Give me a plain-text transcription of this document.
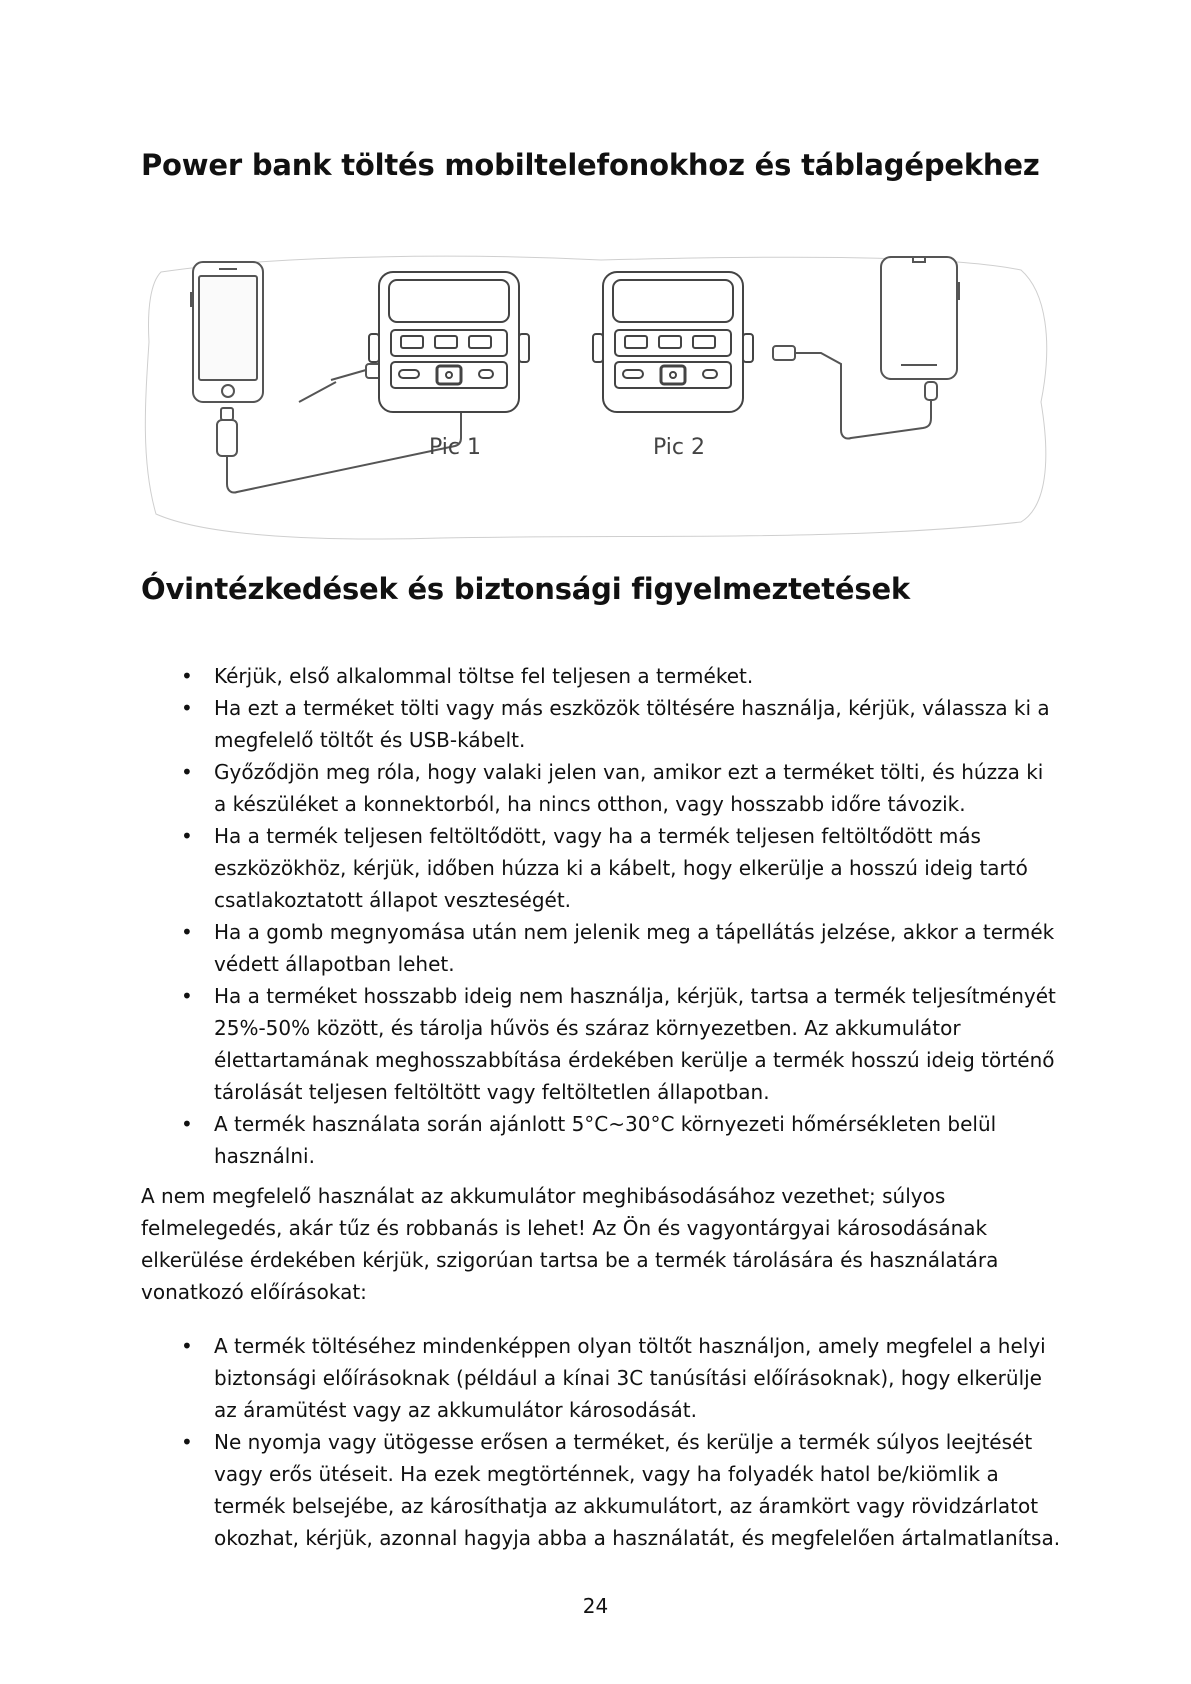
Power bank töltés mobiltelefonokhoz és táblagépekhez
Pic 1	Pic 2
Óvintézkedések és biztonsági figyelmeztetések
• Kérjük, első alkalommal töltse fel teljesen a terméket.
• Ha ezt a terméket tölti vagy más eszközök töltésére használja, kérjük, válassza ki a megfelelő töltőt és USB-kábelt.
• Győződjön meg róla, hogy valaki jelen van, amikor ezt a terméket tölti, és húzza ki a készüléket a konnektorból, ha nincs otthon, vagy hosszabb időre távozik.
• Ha a termék teljesen feltöltődött, vagy ha a termék teljesen feltöltődött más eszközökhöz, kérjük, időben húzza ki a kábelt, hogy elkerülje a hosszú ideig tartó csatlakoztatott állapot veszteségét.
• Ha a gomb megnyomása után nem jelenik meg a tápellátás jelzése, akkor a termék védett állapotban lehet.
• Ha a terméket hosszabb ideig nem használja, kérjük, tartsa a termék teljesítményét 25%-50% között, és tárolja hűvös és száraz környezetben. Az akkumulátor élettartamának meghosszabbítása érdekében kerülje a termék hosszú ideig történő tárolását teljesen feltöltött vagy feltöltetlen állapotban.
• A termék használata során ajánlott 5°C~30°C környezeti hőmérsékleten belül használni.

A nem megfelelő használat az akkumulátor meghibásodásához vezethet; súlyos felmelegedés, akár tűz és robbanás is lehet! Az Ön és vagyontárgyai károsodásának elkerülése érdekében kérjük, szigorúan tartsa be a termék tárolására és használatára vonatkozó előírásokat:

• A termék töltéséhez mindenképpen olyan töltőt használjon, amely megfelel a helyi biztonsági előírásoknak (például a kínai 3C tanúsítási előírásoknak), hogy elkerülje az áramütést vagy az akkumulátor károsodását.
• Ne nyomja vagy ütögesse erősen a terméket, és kerülje a termék súlyos leejtését vagy erős ütéseit. Ha ezek megtörténnek, vagy ha folyadék hatol be/kiömlik a termék belsejébe, az károsíthatja az akkumulátort, az áramkört vagy rövidzárlatot okozhat, kérjük, azonnal hagyja abba a használatát, és megfelelően ártalmatlanítsa.
24
